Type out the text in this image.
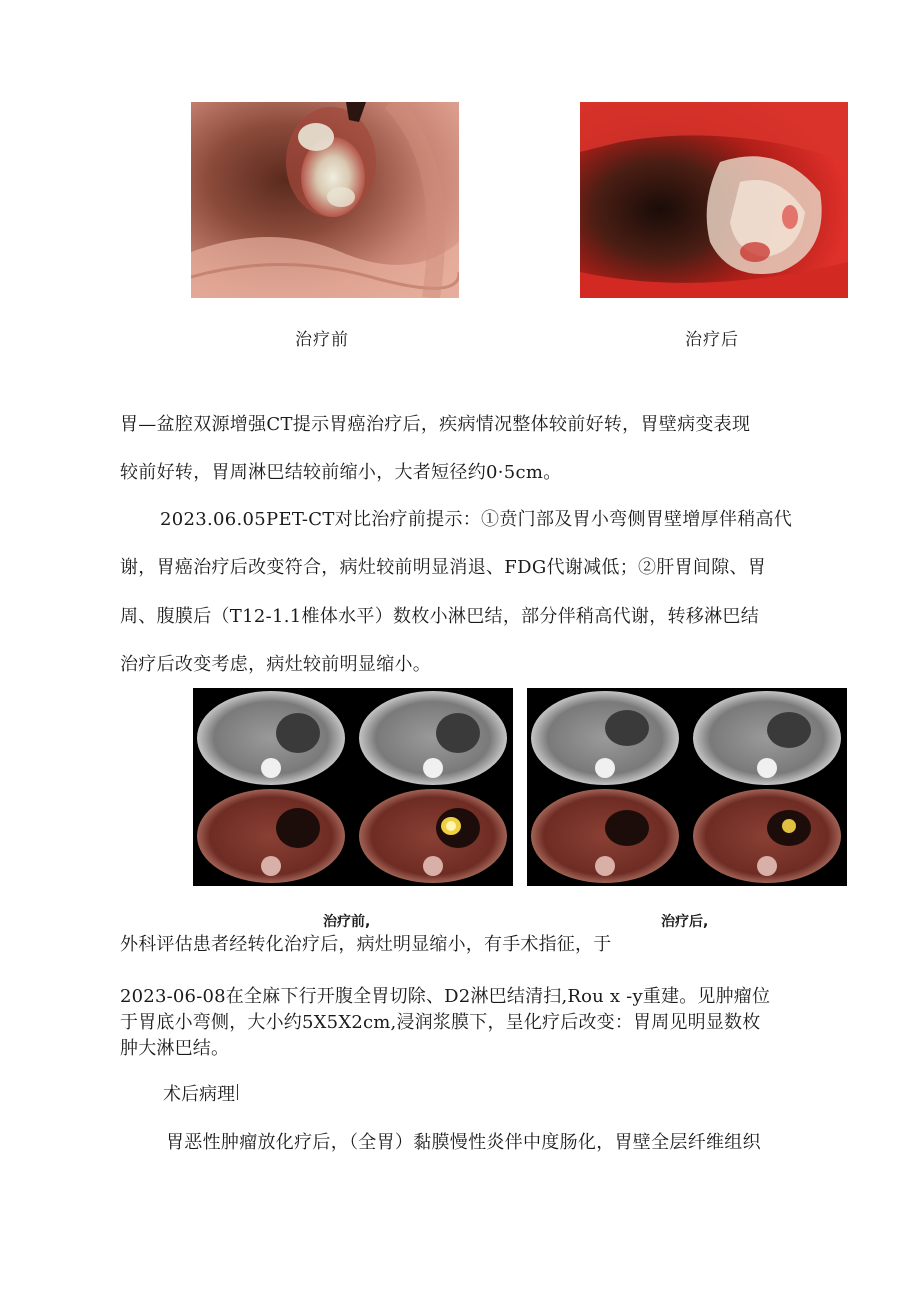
治疗前	治疗后
胃—盆腔双源增强CT提示胃癌治疗后，疾病情况整体较前好转，胃壁病变表现
较前好转，胃周淋巴结较前缩小，大者短径约0·5cm。
2023.06.05PET-CT对比治疗前提示：①贲门部及胃小弯侧胃壁增厚伴稍高代
谢，胃癌治疗后改变符合，病灶较前明显消退、FDG代谢减低；②肝胃间隙、胃
周、腹膜后（T12-1.1椎体水平）数枚小淋巴结，部分伴稍高代谢，转移淋巴结
治疗后改变考虑，病灶较前明显缩小。
治疗前,	治疗后,
外科评估患者经转化治疗后，病灶明显缩小，有手术指征，于
2023-06-08在全麻下行开腹全胃切除、D2淋巴结清扫,Rou x -y重建。见肿瘤位
于胃底小弯侧，大小约5X5X2cm,浸润浆膜下，呈化疗后改变：胃周见明显数枚
肿大淋巴结。
术后病理
胃恶性肿瘤放化疗后，（全胃）黏膜慢性炎伴中度肠化，胃壁全层纤维组织
